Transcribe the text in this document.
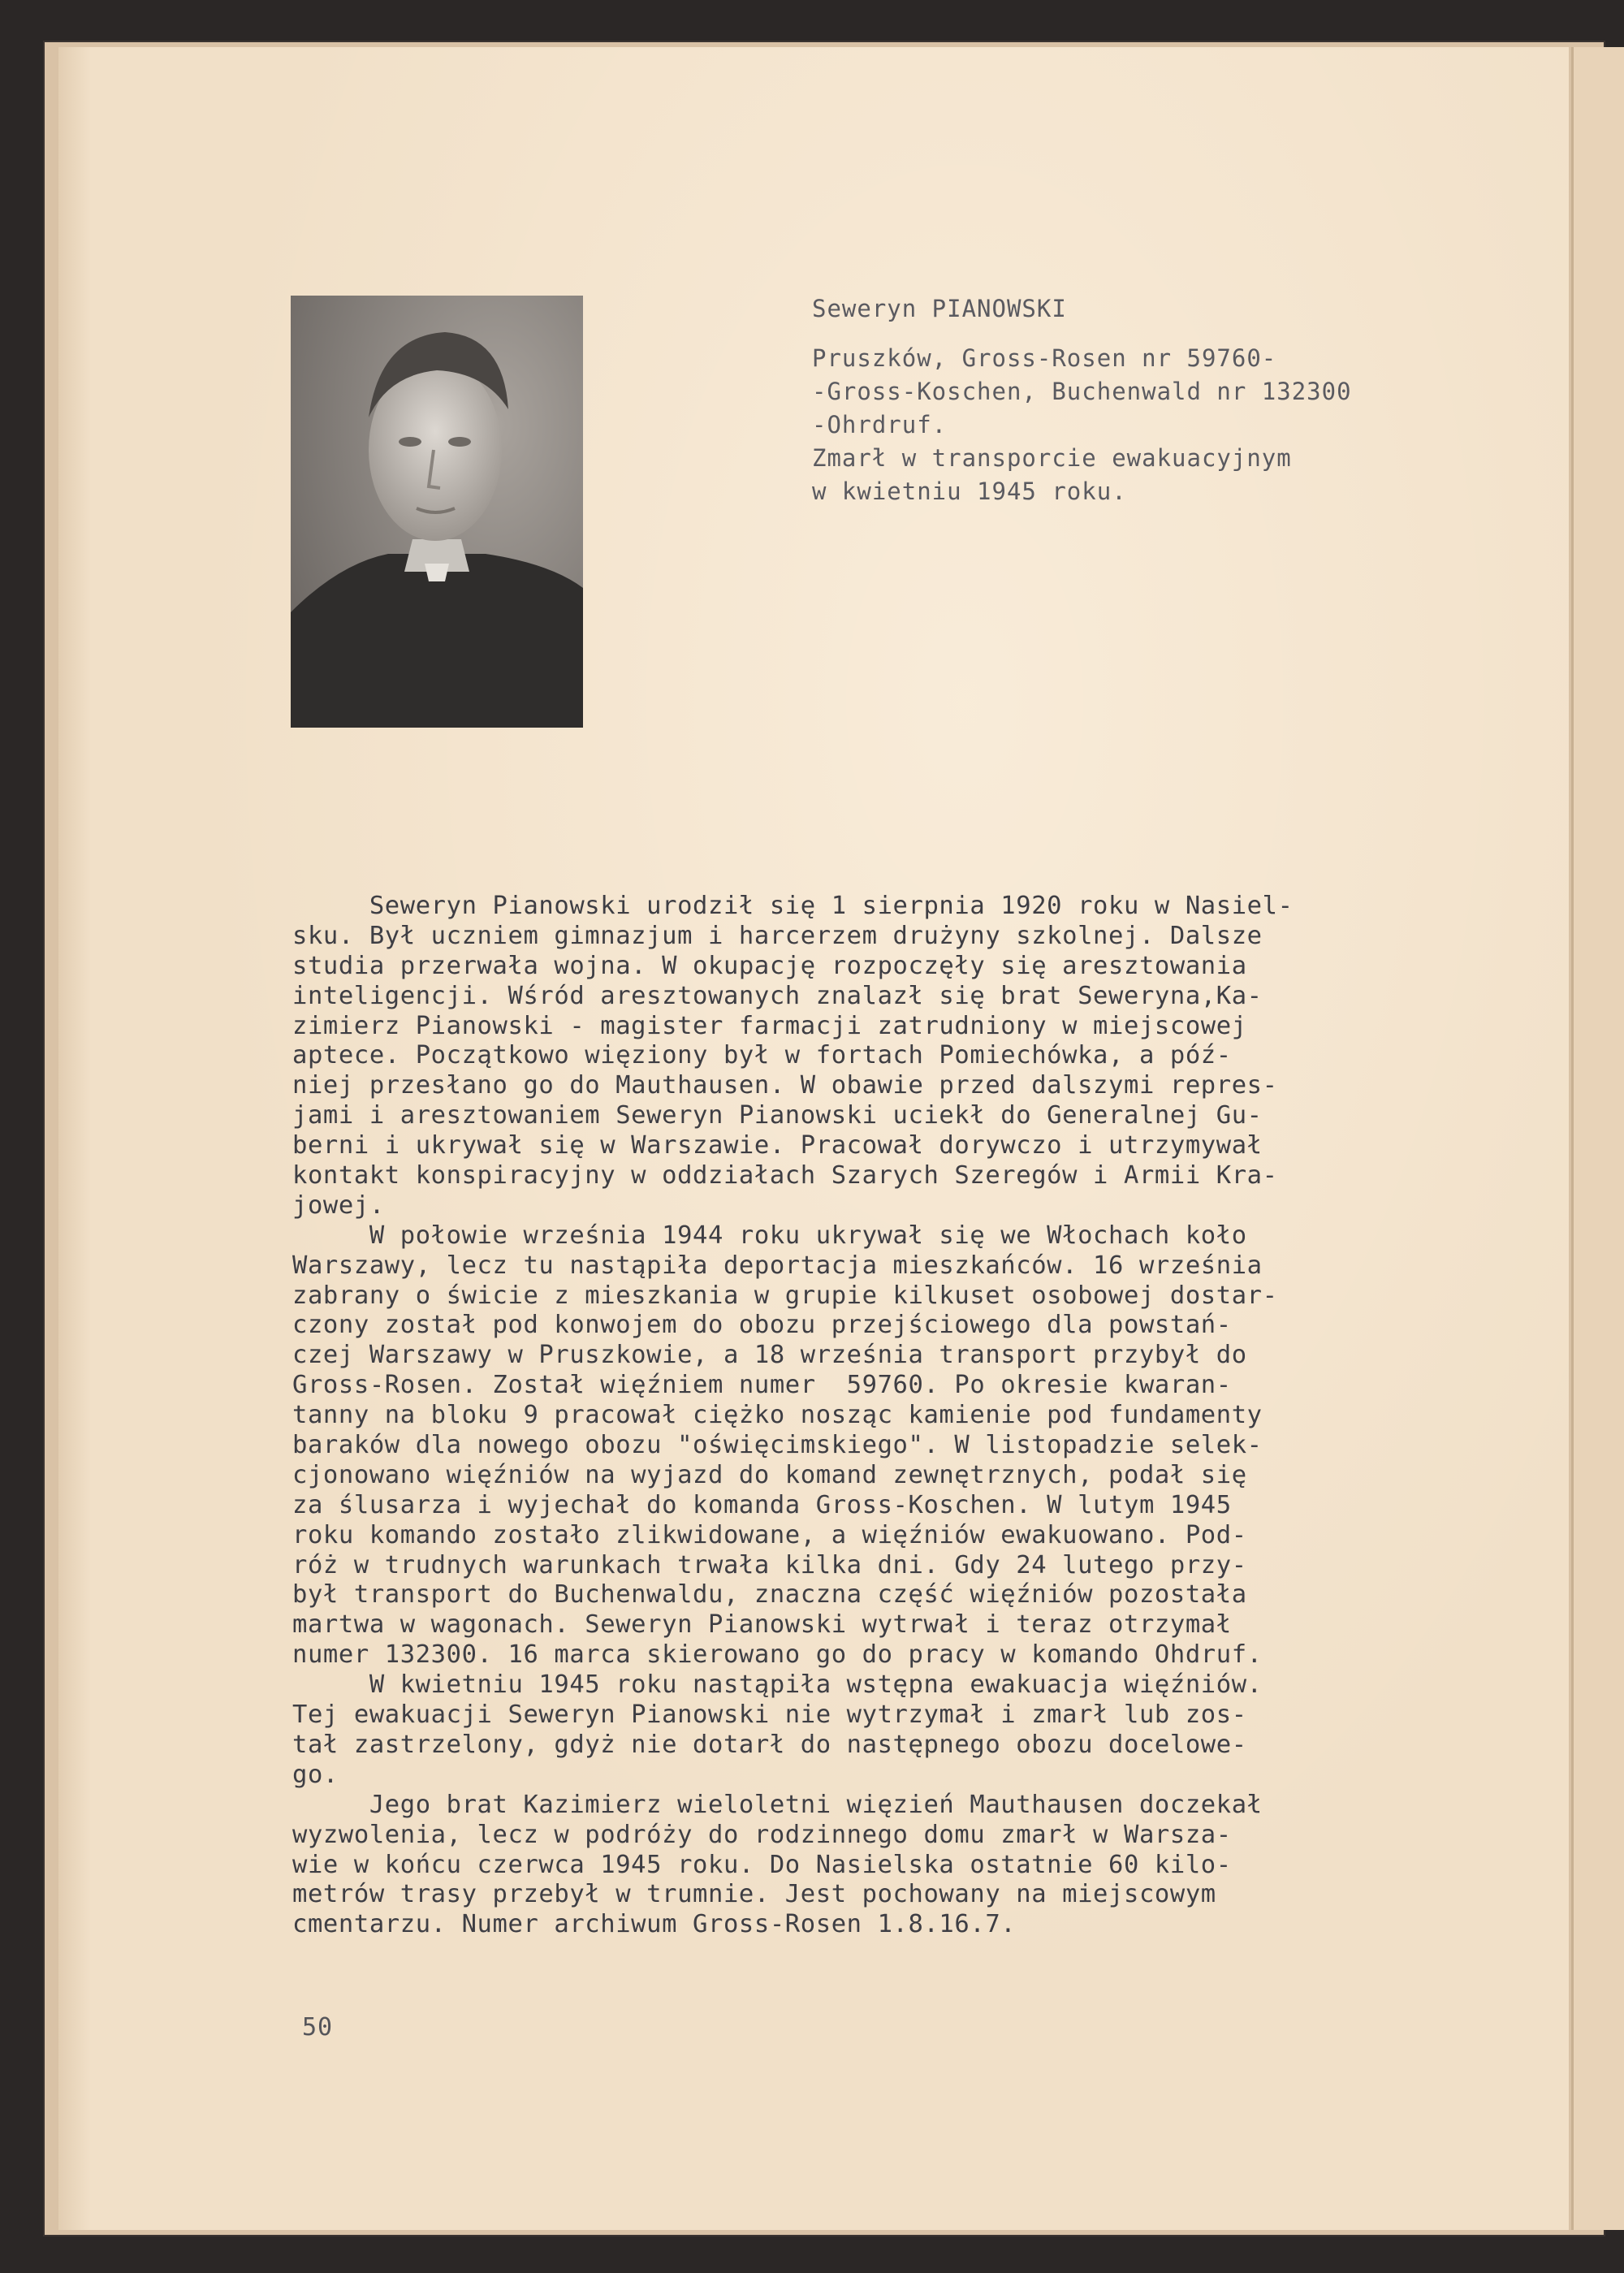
Seweryn PIANOWSKI
Pruszków, Gross-Rosen nr 59760-
-Gross-Koschen, Buchenwald nr 132300
-Ohrdruf.
Zmarł w transporcie ewakuacyjnym
w kwietniu 1945 roku.
Seweryn Pianowski urodził się 1 sierpnia 1920 roku w Nasiel-
sku. Był uczniem gimnazjum i harcerzem drużyny szkolnej. Dalsze
studia przerwała wojna. W okupację rozpoczęły się aresztowania
inteligencji. Wśród aresztowanych znalazł się brat Seweryna,Ka-
zimierz Pianowski - magister farmacji zatrudniony w miejscowej
aptece. Początkowo więziony był w fortach Pomiechówka, a póź-
niej przesłano go do Mauthausen. W obawie przed dalszymi repres-
jami i aresztowaniem Seweryn Pianowski uciekł do Generalnej Gu-
berni i ukrywał się w Warszawie. Pracował dorywczo i utrzymywał
kontakt konspiracyjny w oddziałach Szarych Szeregów i Armii Kra-
jowej.
W połowie września 1944 roku ukrywał się we Włochach koło
Warszawy, lecz tu nastąpiła deportacja mieszkańców. 16 września
zabrany o świcie z mieszkania w grupie kilkuset osobowej dostar-
czony został pod konwojem do obozu przejściowego dla powstań-
czej Warszawy w Pruszkowie, a 18 września transport przybył do
Gross-Rosen. Został więźniem numer  59760. Po okresie kwaran-
tanny na bloku 9 pracował ciężko nosząc kamienie pod fundamenty
baraków dla nowego obozu "oświęcimskiego". W listopadzie selek-
cjonowano więźniów na wyjazd do komand zewnętrznych, podał się
za ślusarza i wyjechał do komanda Gross-Koschen. W lutym 1945
roku komando zostało zlikwidowane, a więźniów ewakuowano. Pod-
róż w trudnych warunkach trwała kilka dni. Gdy 24 lutego przy-
był transport do Buchenwaldu, znaczna część więźniów pozostała
martwa w wagonach. Seweryn Pianowski wytrwał i teraz otrzymał
numer 132300. 16 marca skierowano go do pracy w komando Ohdruf.
W kwietniu 1945 roku nastąpiła wstępna ewakuacja więźniów.
Tej ewakuacji Seweryn Pianowski nie wytrzymał i zmarł lub zos-
tał zastrzelony, gdyż nie dotarł do następnego obozu docelowe-
go.
Jego brat Kazimierz wieloletni więzień Mauthausen doczekał
wyzwolenia, lecz w podróży do rodzinnego domu zmarł w Warsza-
wie w końcu czerwca 1945 roku. Do Nasielska ostatnie 60 kilo-
metrów trasy przebył w trumnie. Jest pochowany na miejscowym
cmentarzu. Numer archiwum Gross-Rosen 1.8.16.7.
50
